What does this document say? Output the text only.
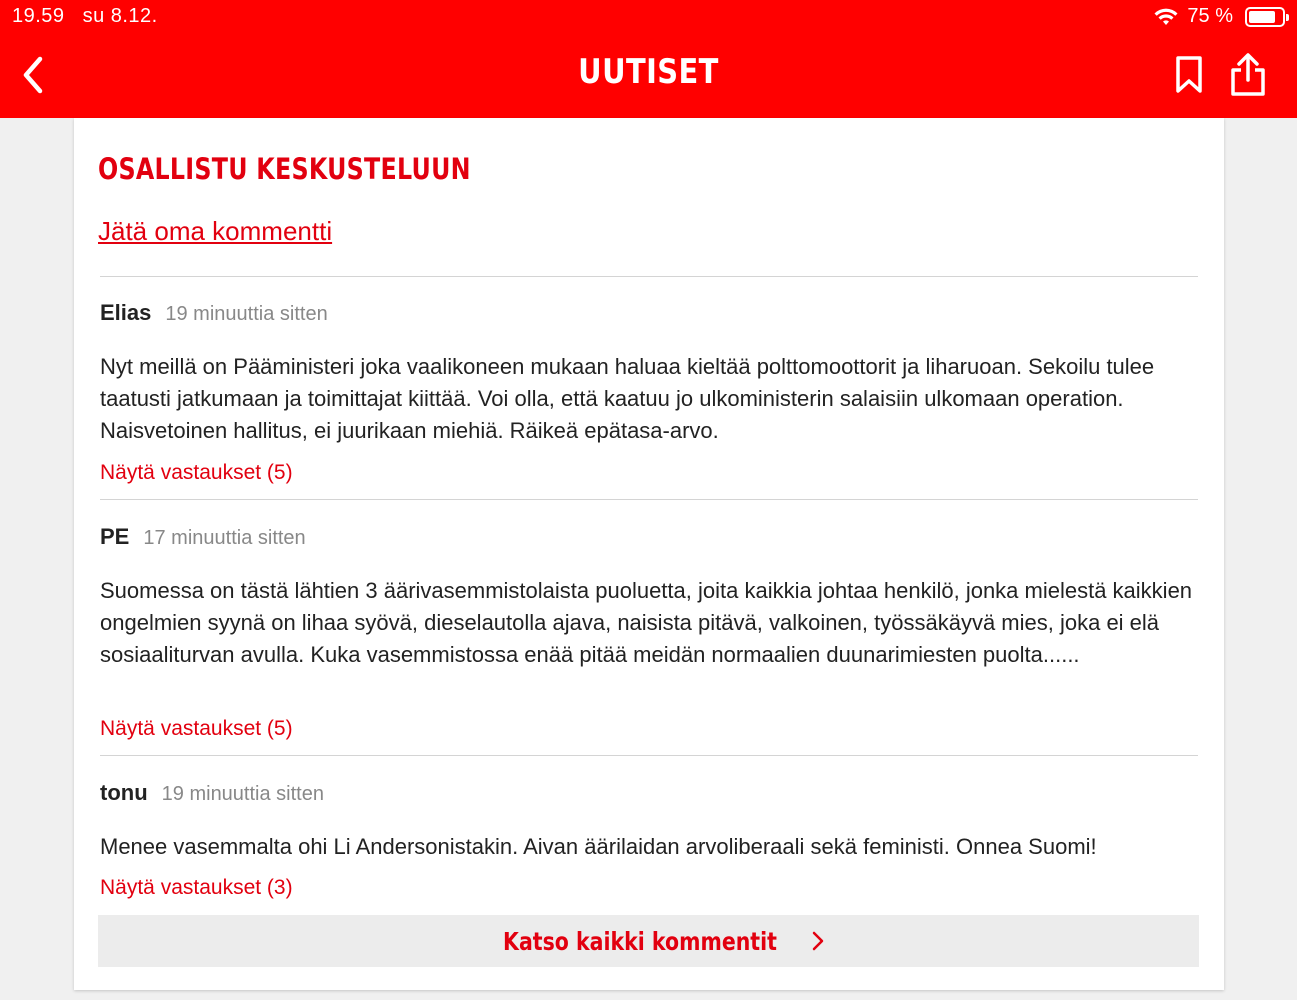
19.59 su 8.12.	75 %
UUTISET
OSALLISTU KESKUSTELUUN
Jätä oma kommentti
Elias 19 minuuttia sitten
Nyt meillä on Pääministeri joka vaalikoneen mukaan haluaa kieltää polttomoottorit ja liharuoan. Sekoilu tulee taatusti jatkumaan ja toimittajat kiittää. Voi olla, että kaatuu jo ulkoministerin salaisiin ulkomaan operation. Naisvetoinen hallitus, ei juurikaan miehiä. Räikeä epätasa-arvo.
Näytä vastaukset (5)
PE 17 minuuttia sitten
Suomessa on tästä lähtien 3 äärivasemmistolaista puoluetta, joita kaikkia johtaa henkilö, jonka mielestä kaikkien ongelmien syynä on lihaa syövä, dieselautolla ajava, naisista pitävä, valkoinen, työssäkäyvä mies, joka ei elä sosiaaliturvan avulla. Kuka vasemmistossa enää pitää meidän normaalien duunarimiesten puolta......
Näytä vastaukset (5)
tonu 19 minuuttia sitten
Menee vasemmalta ohi Li Andersonistakin. Aivan äärilaidan arvoliberaali sekä feministi. Onnea Suomi!
Näytä vastaukset (3)
Katso kaikki kommentit
